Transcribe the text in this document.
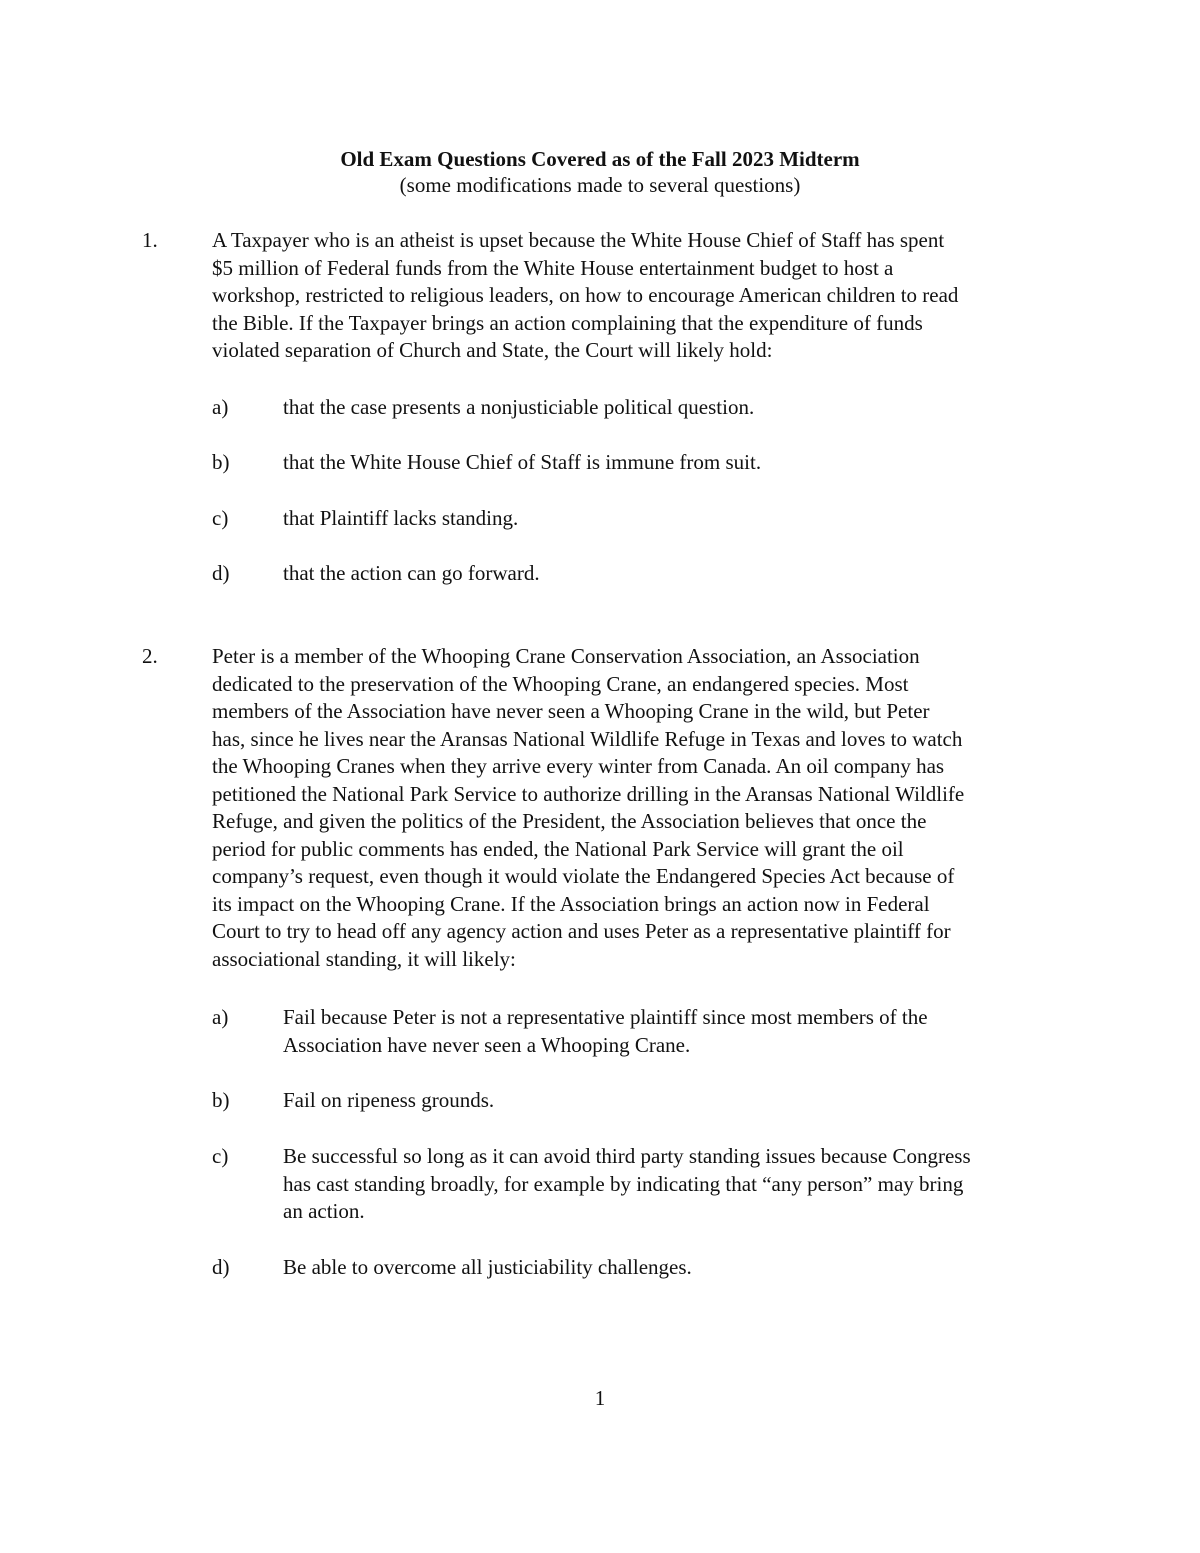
Old Exam Questions Covered as of the Fall 2023 Midterm
(some modifications made to several questions)
1.	A Taxpayer who is an atheist is upset because the White House Chief of Staff has spent
$5 million of Federal funds from the White House entertainment budget to host a
workshop, restricted to religious leaders, on how to encourage American children to read
the Bible. If the Taxpayer brings an action complaining that the expenditure of funds
violated separation of Church and State, the Court will likely hold:
a)	that the case presents a nonjusticiable political question.
b)	that the White House Chief of Staff is immune from suit.
c)	that Plaintiff lacks standing.
d)	that the action can go forward.
2.	Peter is a member of the Whooping Crane Conservation Association, an Association
dedicated to the preservation of the Whooping Crane, an endangered species. Most
members of the Association have never seen a Whooping Crane in the wild, but Peter
has, since he lives near the Aransas National Wildlife Refuge in Texas and loves to watch
the Whooping Cranes when they arrive every winter from Canada. An oil company has
petitioned the National Park Service to authorize drilling in the Aransas National Wildlife
Refuge, and given the politics of the President, the Association believes that once the
period for public comments has ended, the National Park Service will grant the oil
company’s request, even though it would violate the Endangered Species Act because of
its impact on the Whooping Crane. If the Association brings an action now in Federal
Court to try to head off any agency action and uses Peter as a representative plaintiff for
associational standing, it will likely:
a)	Fail because Peter is not a representative plaintiff since most members of the
Association have never seen a Whooping Crane.
b)	Fail on ripeness grounds.
c)	Be successful so long as it can avoid third party standing issues because Congress
has cast standing broadly, for example by indicating that “any person” may bring
an action.
d)	Be able to overcome all justiciability challenges.
1
